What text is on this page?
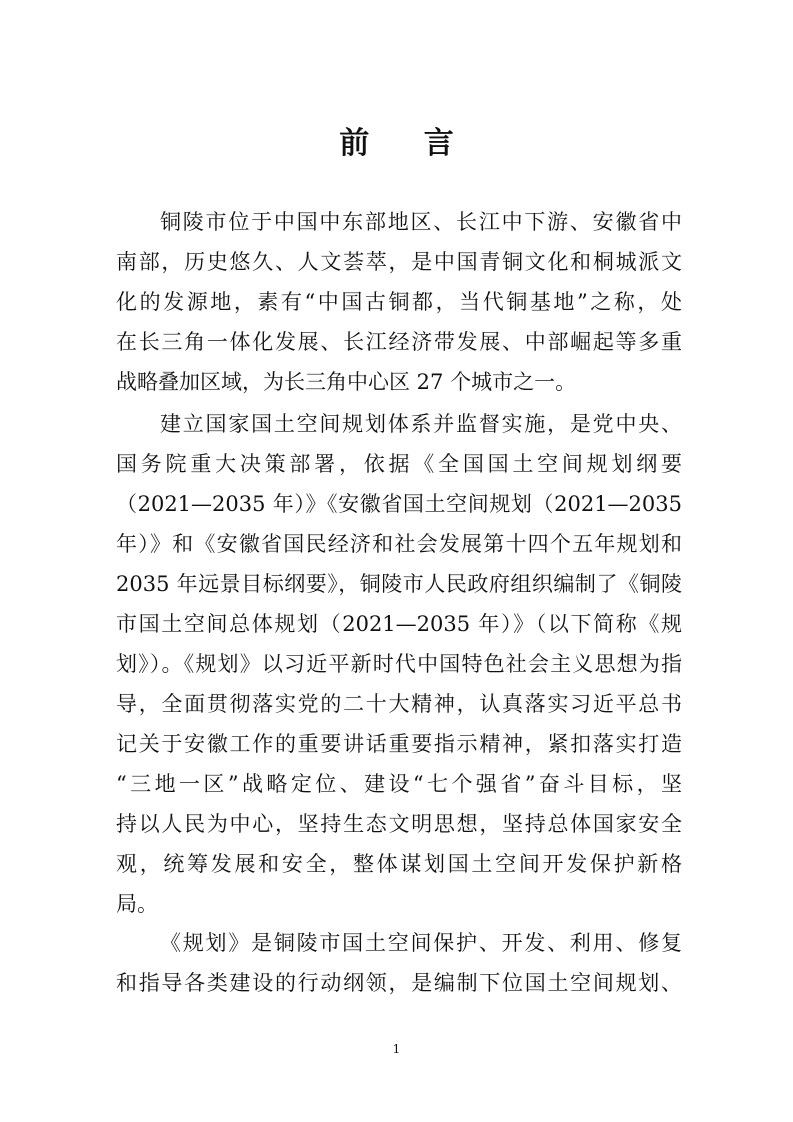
前 言
铜陵市位于中国中东部地区、长江中下游、安徽省中
南部，历史悠久、人文荟萃，是中国青铜文化和桐城派文
化的发源地，素有“中国古铜都，当代铜基地”之称，处
在长三角一体化发展、长江经济带发展、中部崛起等多重
战略叠加区域，为长三角中心区 27 个城市之一。
建立国家国土空间规划体系并监督实施，是党中央、
国务院重大决策部署，依据《全国国土空间规划纲要
（2021—2035 年）》《安徽省国土空间规划（2021—2035
年）》和《安徽省国民经济和社会发展第十四个五年规划和
2035 年远景目标纲要》，铜陵市人民政府组织编制了《铜陵
市国土空间总体规划（2021—2035 年）》（以下简称《规
划》）。《规划》以习近平新时代中国特色社会主义思想为指
导，全面贯彻落实党的二十大精神，认真落实习近平总书
记关于安徽工作的重要讲话重要指示精神，紧扣落实打造
“三地一区”战略定位、建设“七个强省”奋斗目标，坚
持以人民为中心，坚持生态文明思想，坚持总体国家安全
观，统筹发展和安全，整体谋划国土空间开发保护新格
局。
《规划》是铜陵市国土空间保护、开发、利用、修复
和指导各类建设的行动纲领，是编制下位国土空间规划、
1
